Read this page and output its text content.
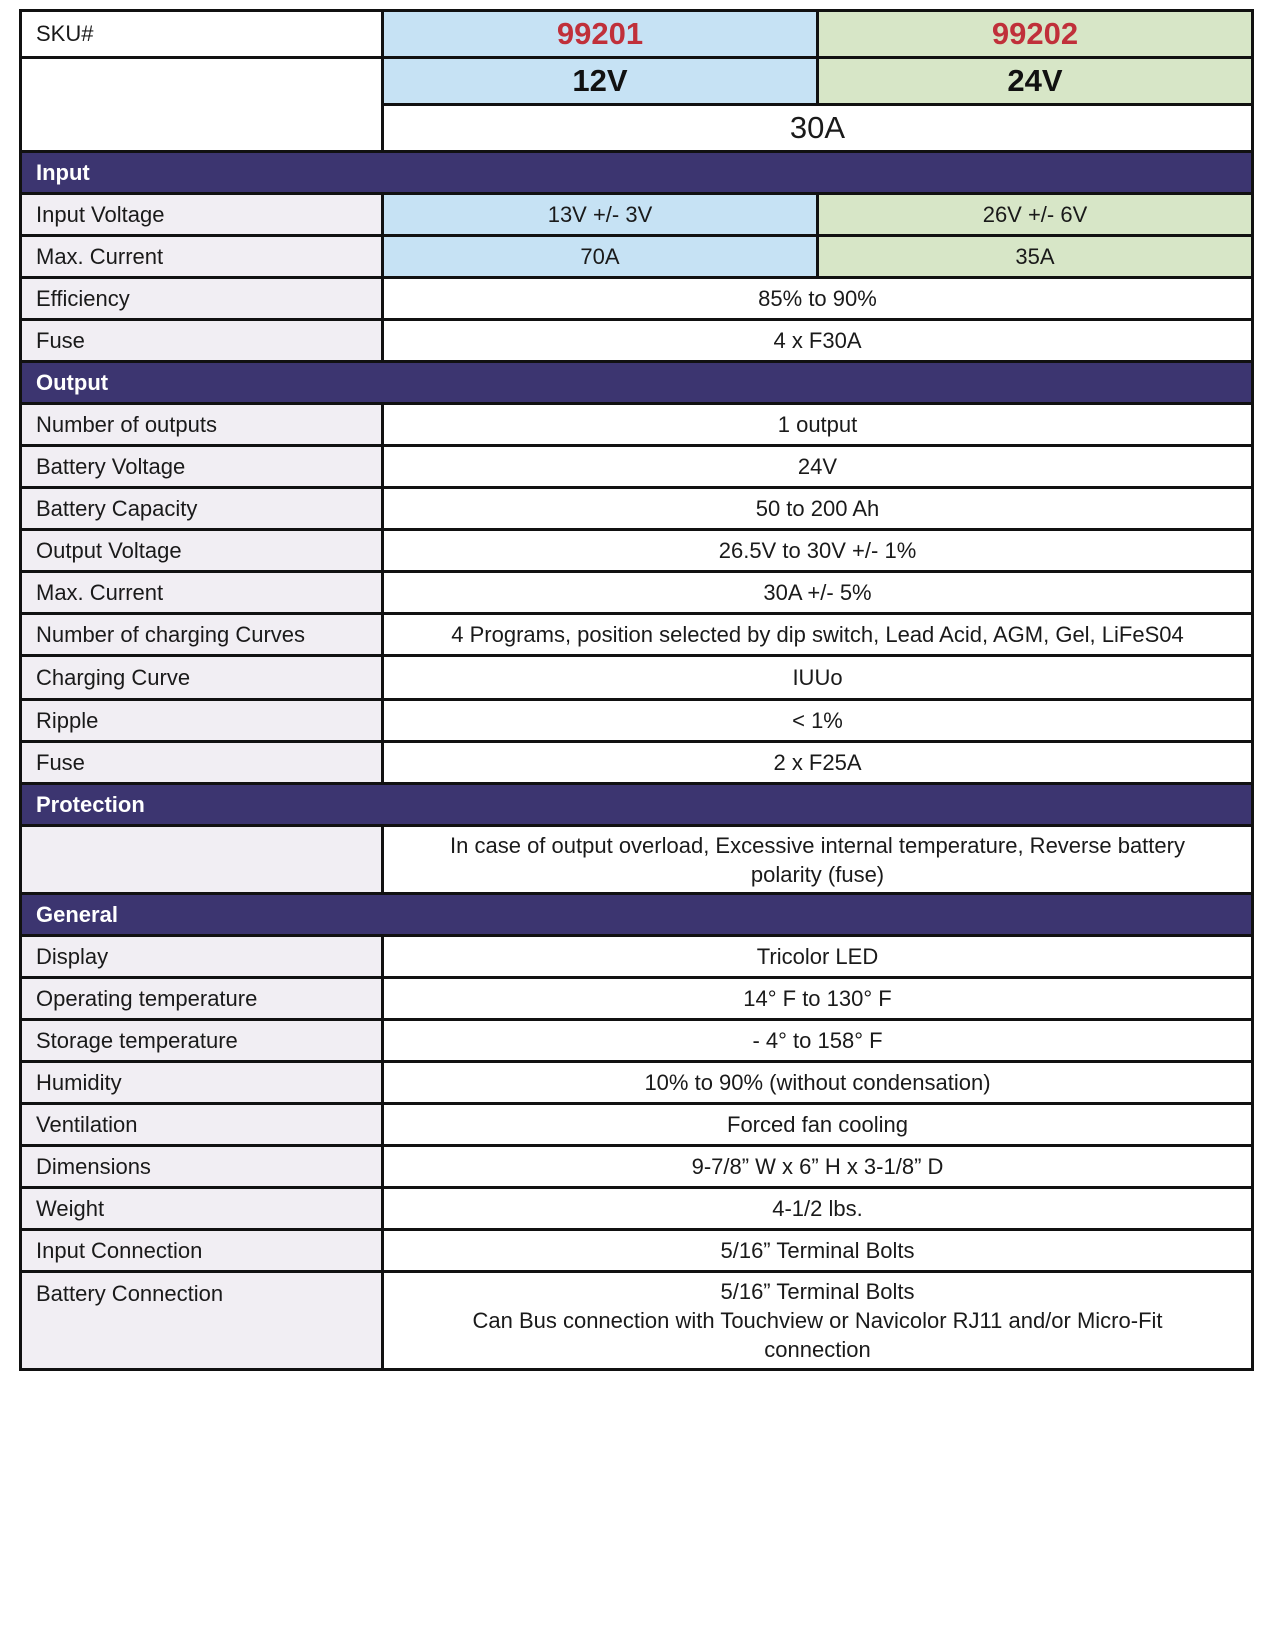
SKU#	99201	99202
	12V	24V
	30A	
Input		
Input Voltage	13V +/- 3V	26V +/- 6V
Max. Current	70A	35A
Efficiency	85% to 90%	
Fuse	4 x F30A	
Output		
Number of outputs	1 output	
Battery Voltage	24V	
Battery Capacity	50 to 200 Ah	
Output Voltage	26.5V to 30V +/- 1%	
Max. Current	30A +/- 5%	
Number of charging Curves	4 Programs, position selected by dip switch, Lead Acid, AGM, Gel, LiFeS04	
Charging Curve	IUUo	
Ripple	< 1%	
Fuse	2 x F25A	
Protection		
	In case of output overload, Excessive internal temperature, Reverse battery
polarity (fuse)	
General		
Display	Tricolor LED	
Operating temperature	14° F to 130° F	
Storage temperature	- 4° to 158° F	
Humidity	10% to 90% (without condensation)	
Ventilation	Forced fan cooling	
Dimensions	9-7/8” W x 6” H x 3-1/8” D	
Weight	4-1/2 lbs.	
Input Connection	5/16” Terminal Bolts	
Battery Connection	5/16” Terminal Bolts
Can Bus connection with Touchview or Navicolor RJ11 and/or Micro-Fit
connection	
